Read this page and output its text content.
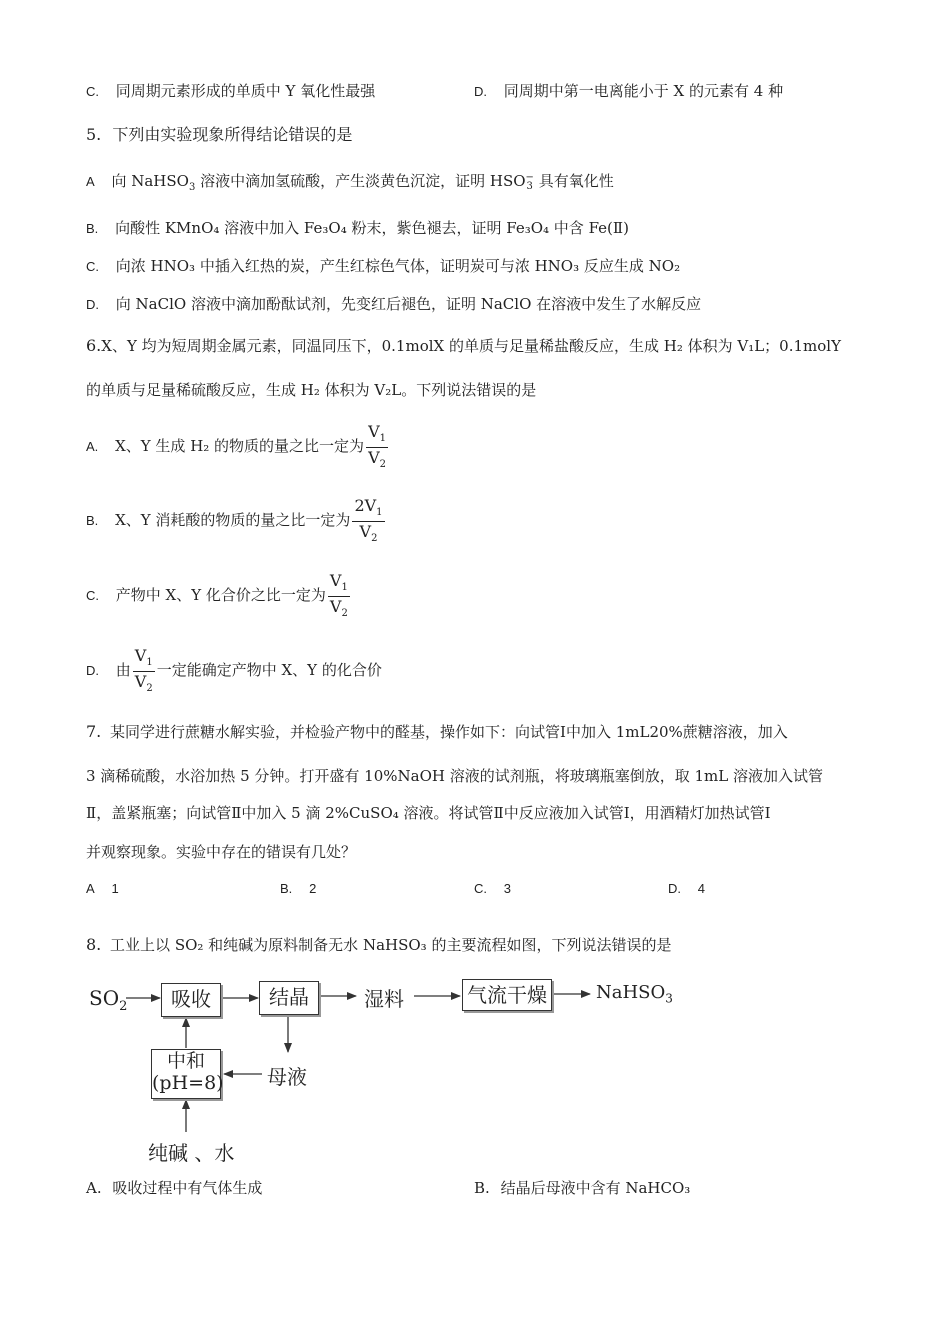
C. 同周期元素形成的单质中 Y 氧化性最强	D. 同周期中第一电离能小于 X 的元素有 4 种
5. 下列由实验现象所得结论错误的是
A 向 NaHSO$_3$ 溶液中滴加氢硫酸，产生淡黄色沉淀，证明 HSO −
3 具有氧化性
B. 向酸性 KMnO₄ 溶液中加入 Fe₃O₄ 粉末，紫色褪去，证明 Fe₃O₄ 中含 Fe(Ⅱ)
C. 向浓 HNO₃ 中插入红热的炭，产生红棕色气体，证明炭可与浓 HNO₃ 反应生成 NO₂
D. 向 NaClO 溶液中滴加酚酞试剂，先变红后褪色，证明 NaClO 在溶液中发生了水解反应
6.X、Y 均为短周期金属元素，同温同压下，0.1molX 的单质与足量稀盐酸反应，生成 H₂ 体积为 V₁L；0.1molY
的单质与足量稀硫酸反应，生成 H₂ 体积为 V₂L。下列说法错误的是
A. X、Y 生成 H₂ 的物质的量之比一定为 $\frac{V_1}{V_2}$
B. X、Y 消耗酸的物质的量之比一定为 $\frac{2V_1}{V_2}$
C. 产物中 X、Y 化合价之比一定为 $\frac{V_1}{V_2}$
D. 由 $\frac{V_1}{V_2}$ 一定能确定产物中 X、Y 的化合价
7. 某同学进行蔗糖水解实验，并检验产物中的醛基，操作如下：向试管Ⅰ中加入 1mL20%蔗糖溶液，加入
3 滴稀硫酸，水浴加热 5 分钟。打开盛有 10%NaOH 溶液的试剂瓶，将玻璃瓶塞倒放，取 1mL 溶液加入试管
Ⅱ，盖紧瓶塞；向试管Ⅱ中加入 5 滴 2%CuSO₄ 溶液。将试管Ⅱ中反应液加入试管Ⅰ，用酒精灯加热试管Ⅰ
并观察现象。实验中存在的错误有几处？
A 1	B. 2	C. 3	D. 4
8. 工业上以 SO₂ 和纯碱为原料制备无水 NaHSO₃ 的主要流程如图，下列说法错误的是
$SO_2$	吸收	结晶	湿料	气流干燥	NaHSO$_3$
中和
(pH=8) 母液
纯碱 、水
A. 吸收过程中有气体生成	B. 结晶后母液中含有 NaHCO₃
